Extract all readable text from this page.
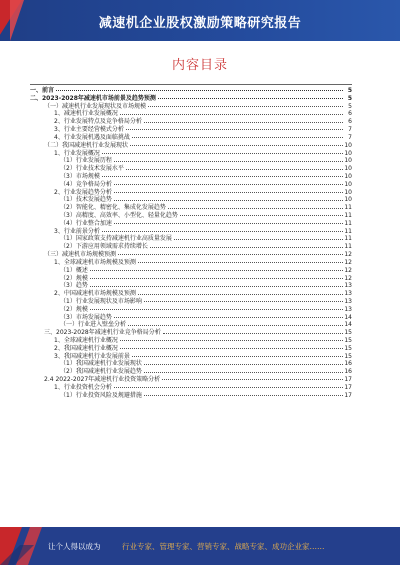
减速机企业股权激励策略研究报告
内容目录
一、前言	5
二、2023-2028年减速机市场前景及趋势预测	5
（一）减速机行业发展现状及市场规模	5
1、减速机行业发展概况	6
2、行业发展特点及竞争格局分析	6
3、行业主要经营模式分析	7
4、行业发展机遇及面临挑战	7
（二）我国减速机行业发展现状	10
1、行业发展概况	10
（1）行业发展历程	10
（2）行业技术发展水平	10
（3）市场规模	10
（4）竞争格局分析	10
2、行业发展趋势分析	10
（1）技术发展趋势	10
（2）智能化、精密化、集成化发展趋势	11
（3）高精度、高效率、小型化、轻量化趋势	11
（4）行业整合加速	11
3、行业前景分析	11
（1）国家政策支持减速机行业高质量发展	11
（2）下游应用领域需求持续增长	11
（三）减速机市场规模预测	12
1、全球减速机市场规模及预测	12
（1）概述	12
（2）规模	12
（3）趋势	13
2、中国减速机市场规模及预测	13
（1）行业发展现状及市场影响	13
（2）规模	13
（3）市场发展趋势	14
（一）行业进入壁垒分析	14
三、2023-2028年减速机行业竞争格局分析	15
1、全球减速机行业概况	15
2、我国减速机行业概况	15
3、我国减速机行业发展前景	15
（1）我国减速机行业发展现状	16
（2）我国减速机行业发展趋势	16
2.4 2022-2027年减速机行业投资策略分析	17
1、行业投资机会分析	17
（1）行业投资风险及规避措施	17
让个人得以成为	行业专家、管理专家、营销专家、战略专家、成功企业家……
